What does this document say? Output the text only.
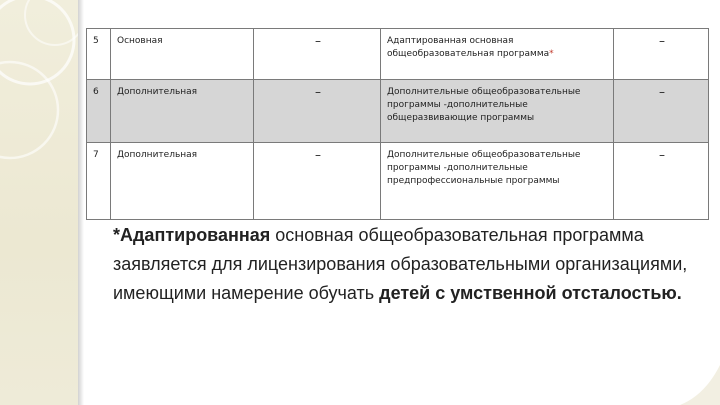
5	Основная	–	Адаптированная основная общеобразовательная программа*	–
6	Дополнительная	–	Дополнительные общеобразовательные программы -дополнительные общеразвивающие программы	–
7	Дополнительная	–	Дополнительные общеобразовательные программы -дополнительные предпрофессиональные программы	–
*Адаптированная основная общеобразовательная программа заявляется для лицензирования образовательными организациями, имеющими намерение обучать детей с умственной отсталостью.
